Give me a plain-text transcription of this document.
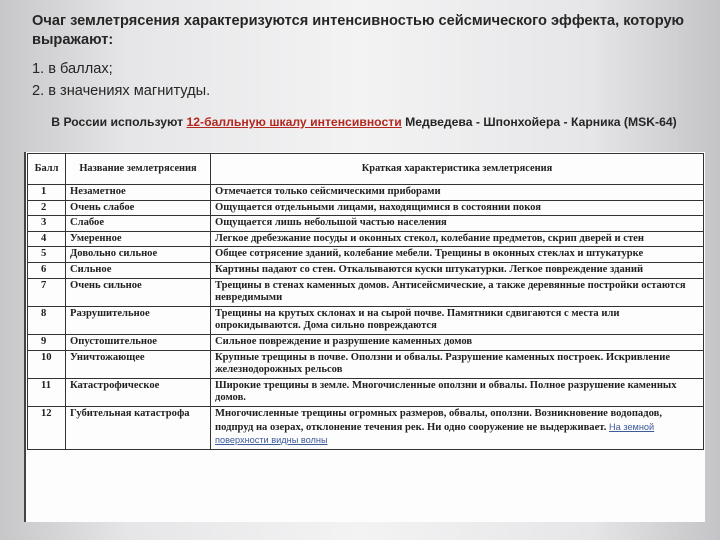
Очаг землетрясения характеризуются интенсивностью сейсмического эффекта, которую выражают:
1. в баллах;
2. в значениях магнитуды.
В России используют 12-балльную шкалу интенсивности Медведева - Шпонхойера - Карника (MSK-64)
Балл	Название землетрясения	Краткая характеристика землетрясения
1	Незаметное	Отмечается только сейсмическими приборами
2	Очень слабое	Ощущается отдельными лицами, находящимися в состоянии покоя
3	Слабое	Ощущается лишь небольшой частью населения
4	Умеренное	Легкое дребезжание посуды и оконных стекол, колебание предметов, скрип дверей и стен
5	Довольно сильное	Общее сотрясение зданий, колебание мебели. Трещины в оконных стеклах и штукатурке
6	Сильное	Картины падают со стен. Откалываются куски штукатурки. Легкое повреждение зданий
7	Очень сильное	Трещины в стенах каменных домов. Антисейсмические, а также деревянные постройки остаются невредимыми
8	Разрушительное	Трещины на крутых склонах и на сырой почве. Памятники сдвигаются с места или опрокидываются. Дома сильно повреждаются
9	Опустошительное	Сильное повреждение и разрушение каменных домов
10	Уничтожающее	Крупные трещины в почве. Оползни и обвалы. Разрушение каменных построек. Искривление железнодорожных рельсов
11	Катастрофическое	Широкие трещины в земле. Многочисленные оползни и обвалы. Полное разрушение каменных домов.
12	Губительная катастрофа	Многочисленные трещины огромных размеров, обвалы, оползни. Возникновение водопадов, подпруд на озерах, отклонение течения рек. Ни одно сооружение не выдерживает. На земной поверхности видны волны
